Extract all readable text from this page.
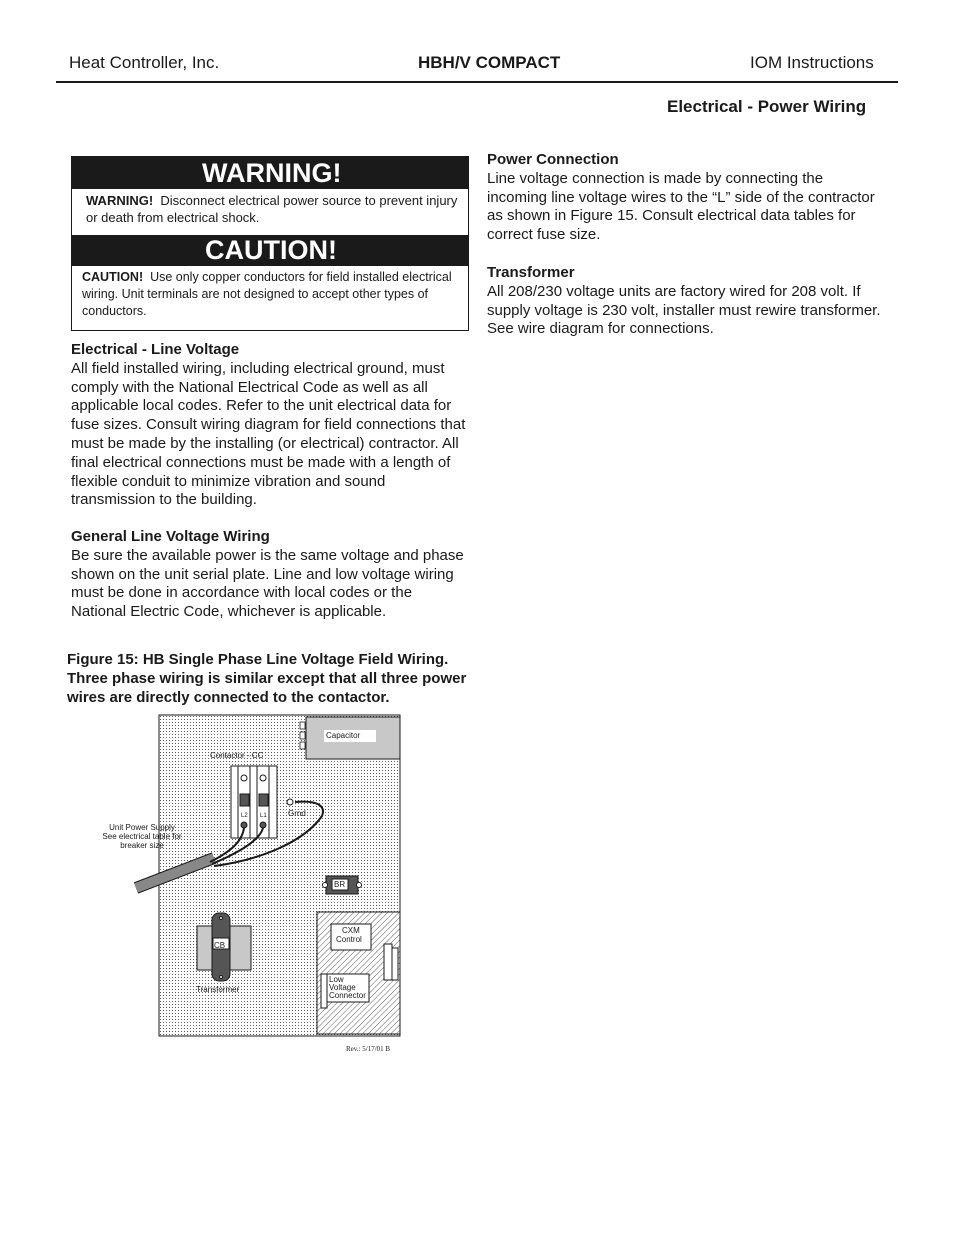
Heat Controller, Inc.	HBH/V COMPACT	IOM Instructions
Electrical - Power Wiring
WARNING!
WARNING! Disconnect electrical power source to prevent injury or death from electrical shock.
CAUTION!
CAUTION! Use only copper conductors for field installed electrical wiring. Unit terminals are not designed to accept other types of conductors.
Electrical - Line Voltage

All field installed wiring, including electrical ground, must comply with the National Electrical Code as well as all applicable local codes. Refer to the unit electrical data for fuse sizes. Consult wiring diagram for field connections that must be made by the installing (or electrical) contractor. All final electrical connections must be made with a length of flexible conduit to minimize vibration and sound transmission to the building.

General Line Voltage Wiring

Be sure the available power is the same voltage and phase shown on the unit serial plate. Line and low voltage wiring must be done in accordance with local codes or the National Electric Code, whichever is applicable.

Power Connection

Line voltage connection is made by connecting the incoming line voltage wires to the “L” side of the contractor as shown in Figure 15. Consult electrical data tables for correct fuse size.

Transformer

All 208/230 voltage units are factory wired for 208 volt. If supply voltage is 230 volt, installer must rewire transformer. See wire diagram for connections.

Figure 15: HB Single Phase Line Voltage Field Wiring. Three phase wiring is similar except that all three power wires are directly connected to the contactor.
Capacitor
Contactor - CC
Grnd
L2 L1
Unit Power Supply
See electrical table for
breaker size
BR
CXM
Control
CB
Transformer
Low
Voltage
Connector
Rev.: 5/17/01 B
